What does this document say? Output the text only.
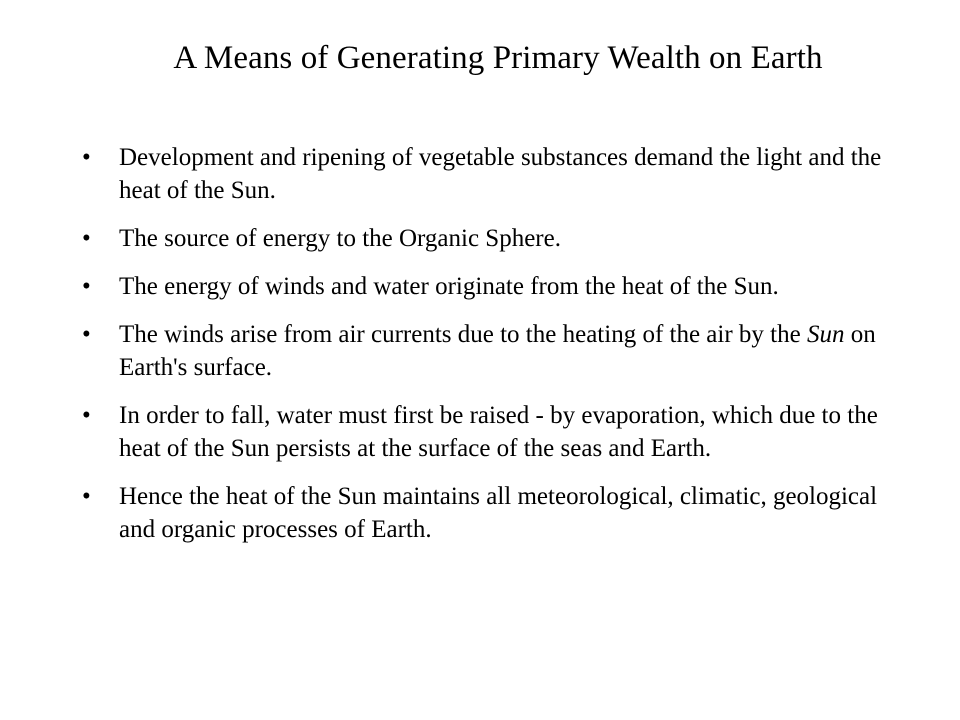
A Means of Generating Primary Wealth on Earth
•	Development and ripening of vegetable substances demand the light and the heat of the Sun.
•	The source of energy to the Organic Sphere.
•	The energy of winds and water originate from the heat of the Sun.
•	The winds arise from air currents due to the heating of the air by the Sun on Earth's surface.
•	In order to fall, water must first be raised - by evaporation, which due to the heat of the Sun persists at the surface of the seas and Earth.
•	Hence the heat of the Sun maintains all meteorological, climatic, geological and organic processes of Earth.
